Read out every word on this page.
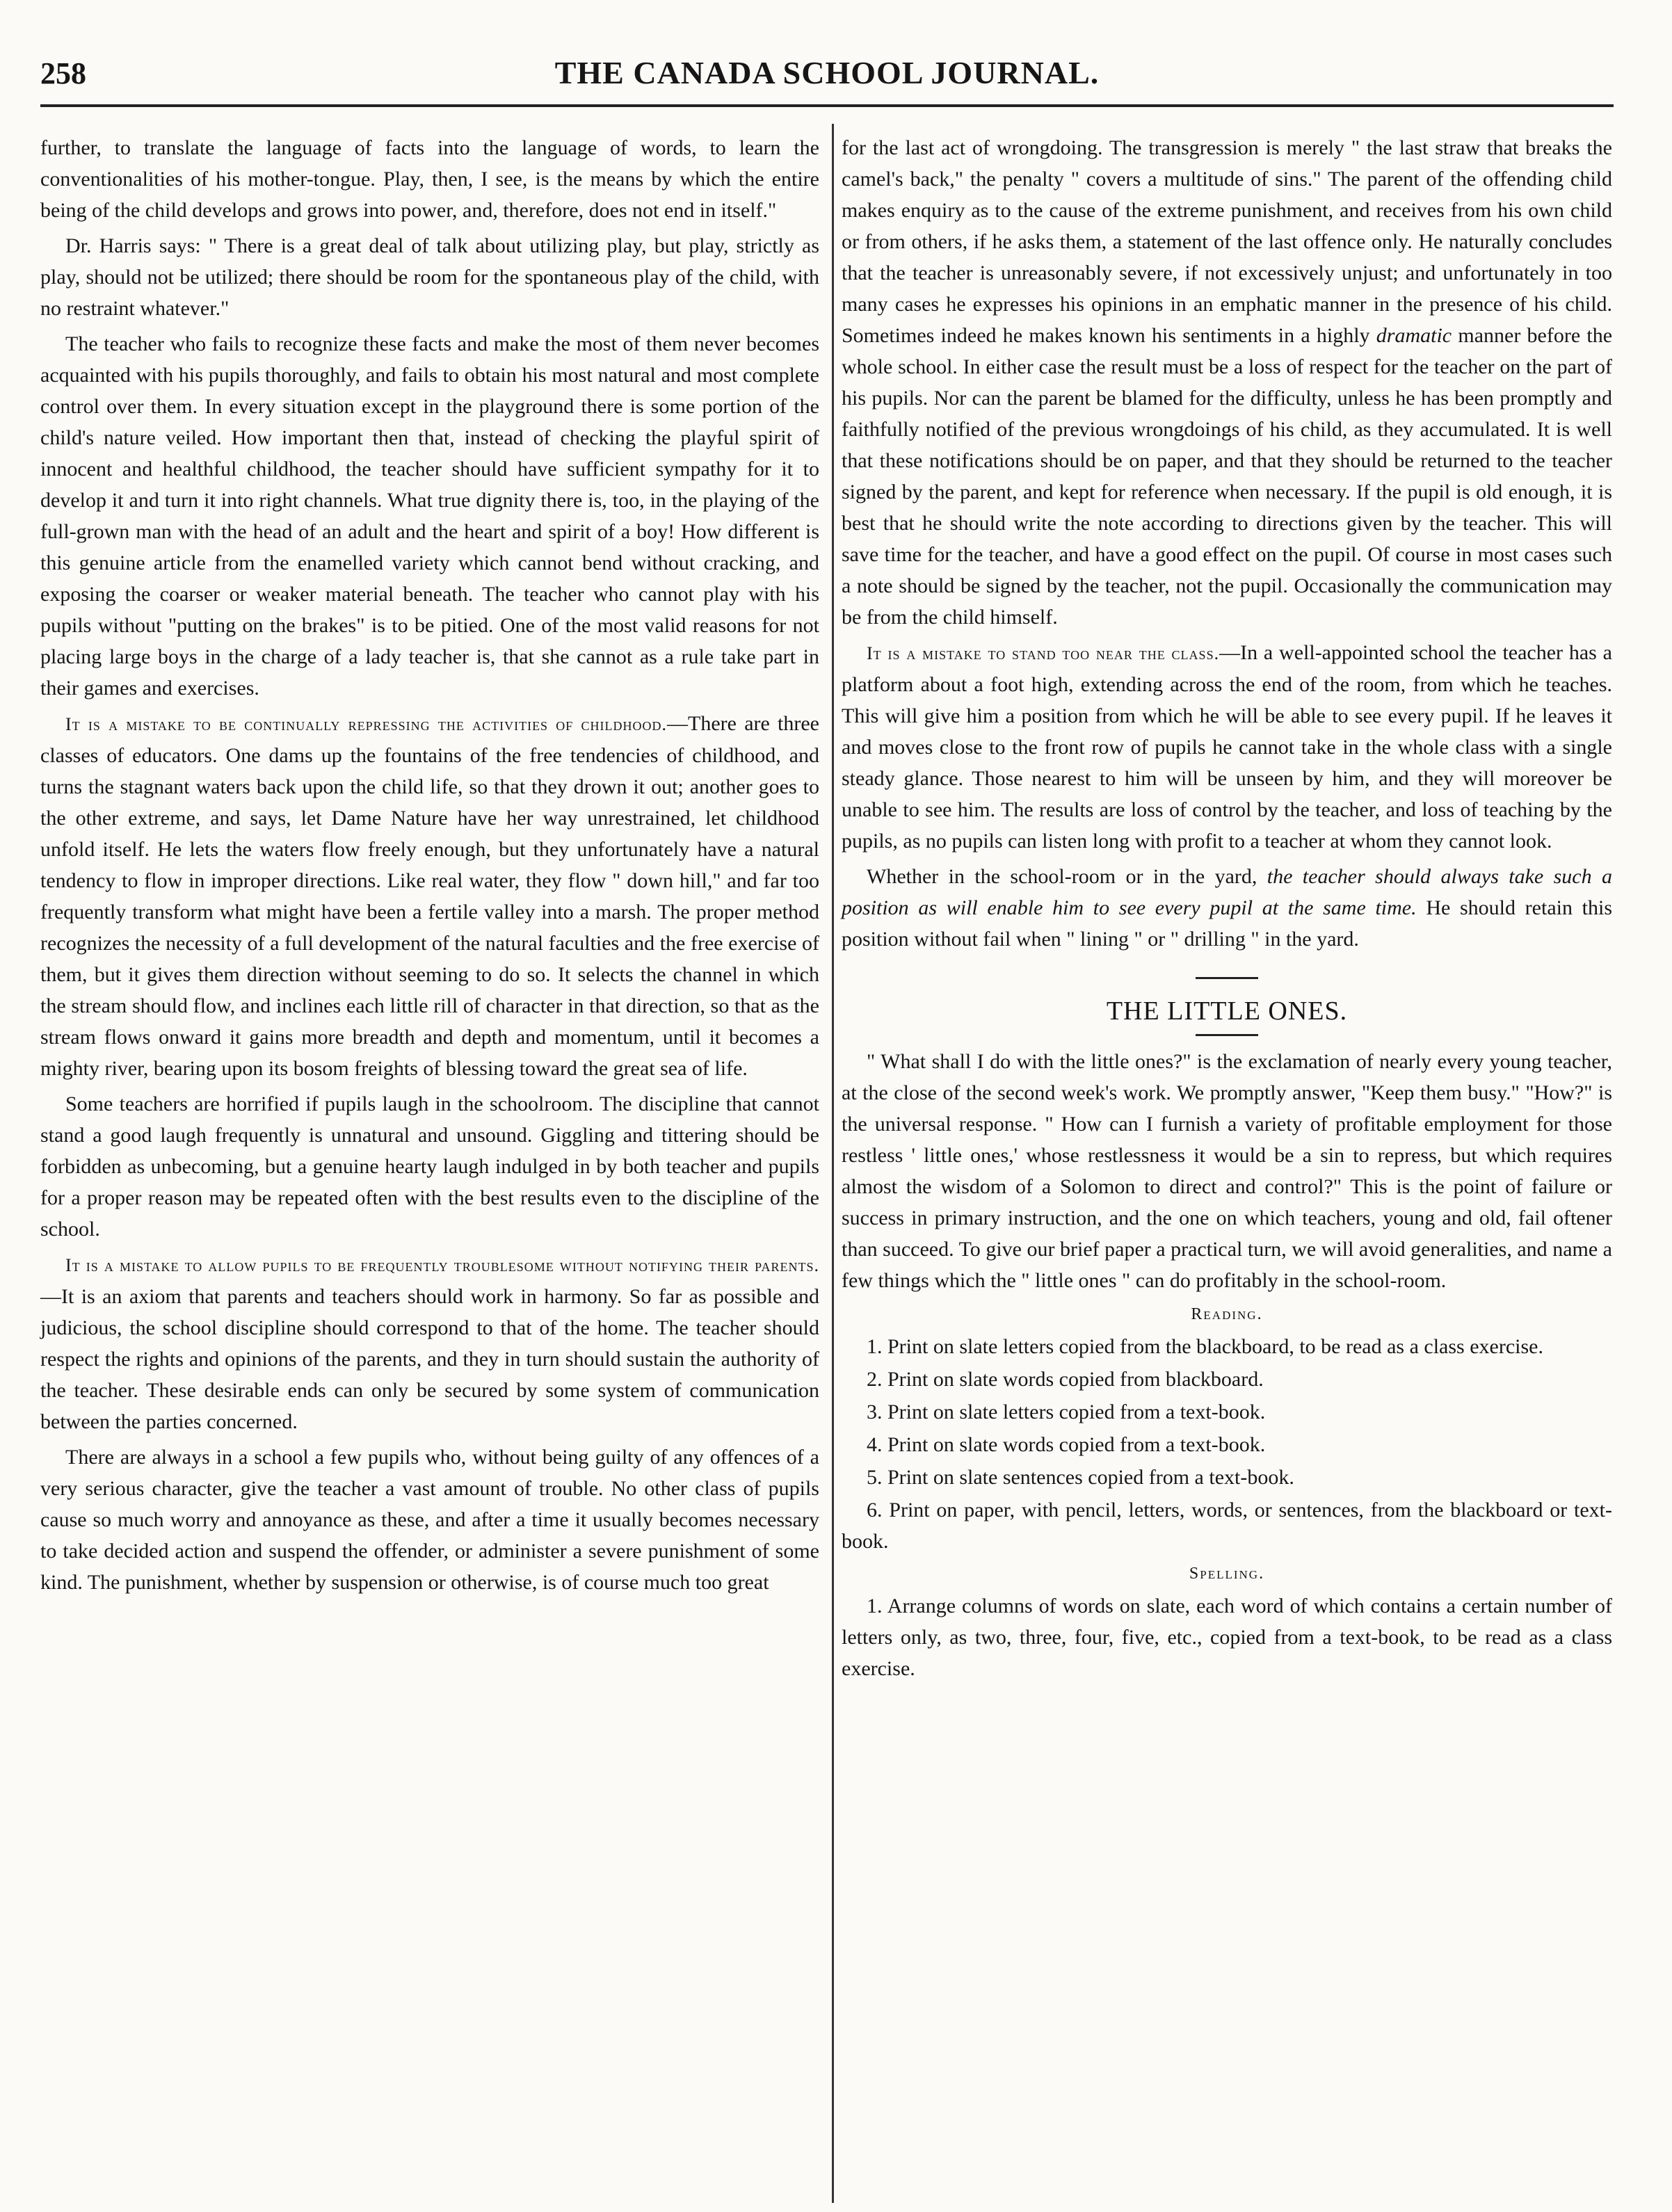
258	THE CANADA SCHOOL JOURNAL.

further, to translate the language of facts into the language of words, to learn the conventionalities of his mother-tongue. Play, then, I see, is the means by which the entire being of the child develops and grows into power, and, therefore, does not end in itself."

Dr. Harris says: " There is a great deal of talk about utilizing play, but play, strictly as play, should not be utilized; there should be room for the spontaneous play of the child, with no restraint whatever."

The teacher who fails to recognize these facts and make the most of them never becomes acquainted with his pupils thoroughly, and fails to obtain his most natural and most complete control over them. In every situation except in the playground there is some portion of the child's nature veiled. How important then that, instead of checking the playful spirit of innocent and healthful childhood, the teacher should have sufficient sympathy for it to develop it and turn it into right channels. What true dignity there is, too, in the playing of the full-grown man with the head of an adult and the heart and spirit of a boy! How different is this genuine article from the enamelled variety which cannot bend without cracking, and exposing the coarser or weaker material beneath. The teacher who cannot play with his pupils without "putting on the brakes" is to be pitied. One of the most valid reasons for not placing large boys in the charge of a lady teacher is, that she cannot as a rule take part in their games and exercises.

It is a mistake to be continually repressing the activities of childhood.—There are three classes of educators. One dams up the fountains of the free tendencies of childhood, and turns the stagnant waters back upon the child life, so that they drown it out; another goes to the other extreme, and says, let Dame Nature have her way unrestrained, let childhood unfold itself. He lets the waters flow freely enough, but they unfortunately have a natural tendency to flow in improper directions. Like real water, they flow " down hill," and far too frequently transform what might have been a fertile valley into a marsh. The proper method recognizes the necessity of a full development of the natural faculties and the free exercise of them, but it gives them direction without seeming to do so. It selects the channel in which the stream should flow, and inclines each little rill of character in that direction, so that as the stream flows onward it gains more breadth and depth and momentum, until it becomes a mighty river, bearing upon its bosom freights of blessing toward the great sea of life.

Some teachers are horrified if pupils laugh in the schoolroom. The discipline that cannot stand a good laugh frequently is unnatural and unsound. Giggling and tittering should be forbidden as unbecoming, but a genuine hearty laugh indulged in by both teacher and pupils for a proper reason may be repeated often with the best results even to the discipline of the school.

It is a mistake to allow pupils to be frequently troublesome without notifying their parents.—It is an axiom that parents and teachers should work in harmony. So far as possible and judicious, the school discipline should correspond to that of the home. The teacher should respect the rights and opinions of the parents, and they in turn should sustain the authority of the teacher. These desirable ends can only be secured by some system of communication between the parties concerned.

There are always in a school a few pupils who, without being guilty of any offences of a very serious character, give the teacher a vast amount of trouble. No other class of pupils cause so much worry and annoyance as these, and after a time it usually becomes necessary to take decided action and suspend the offender, or administer a severe punishment of some kind. The punishment, whether by suspension or otherwise, is of course much too great

for the last act of wrongdoing. The transgression is merely " the last straw that breaks the camel's back," the penalty " covers a multitude of sins." The parent of the offending child makes enquiry as to the cause of the extreme punishment, and receives from his own child or from others, if he asks them, a statement of the last offence only. He naturally concludes that the teacher is unreasonably severe, if not excessively unjust; and unfortunately in too many cases he expresses his opinions in an emphatic manner in the presence of his child. Sometimes indeed he makes known his sentiments in a highly dramatic manner before the whole school. In either case the result must be a loss of respect for the teacher on the part of his pupils. Nor can the parent be blamed for the difficulty, unless he has been promptly and faithfully notified of the previous wrongdoings of his child, as they accumulated. It is well that these notifications should be on paper, and that they should be returned to the teacher signed by the parent, and kept for reference when necessary. If the pupil is old enough, it is best that he should write the note according to directions given by the teacher. This will save time for the teacher, and have a good effect on the pupil. Of course in most cases such a note should be signed by the teacher, not the pupil. Occasionally the communication may be from the child himself.

It is a mistake to stand too near the class.—In a well-appointed school the teacher has a platform about a foot high, extending across the end of the room, from which he teaches. This will give him a position from which he will be able to see every pupil. If he leaves it and moves close to the front row of pupils he cannot take in the whole class with a single steady glance. Those nearest to him will be unseen by him, and they will moreover be unable to see him. The results are loss of control by the teacher, and loss of teaching by the pupils, as no pupils can listen long with profit to a teacher at whom they cannot look.

Whether in the school-room or in the yard, the teacher should always take such a position as will enable him to see every pupil at the same time. He should retain this position without fail when " lining " or " drilling " in the yard.

THE LITTLE ONES.

" What shall I do with the little ones?" is the exclamation of nearly every young teacher, at the close of the second week's work. We promptly answer, "Keep them busy." "How?" is the universal response. " How can I furnish a variety of profitable employment for those restless ' little ones,' whose restlessness it would be a sin to repress, but which requires almost the wisdom of a Solomon to direct and control?" This is the point of failure or success in primary instruction, and the one on which teachers, young and old, fail oftener than succeed. To give our brief paper a practical turn, we will avoid generalities, and name a few things which the " little ones " can do profitably in the school-room.

Reading.

1. Print on slate letters copied from the blackboard, to be read as a class exercise.

2. Print on slate words copied from blackboard.

3. Print on slate letters copied from a text-book.

4. Print on slate words copied from a text-book.

5. Print on slate sentences copied from a text-book.

6. Print on paper, with pencil, letters, words, or sentences, from the blackboard or text-book.

Spelling.

1. Arrange columns of words on slate, each word of which contains a certain number of letters only, as two, three, four, five, etc., copied from a text-book, to be read as a class exercise.
